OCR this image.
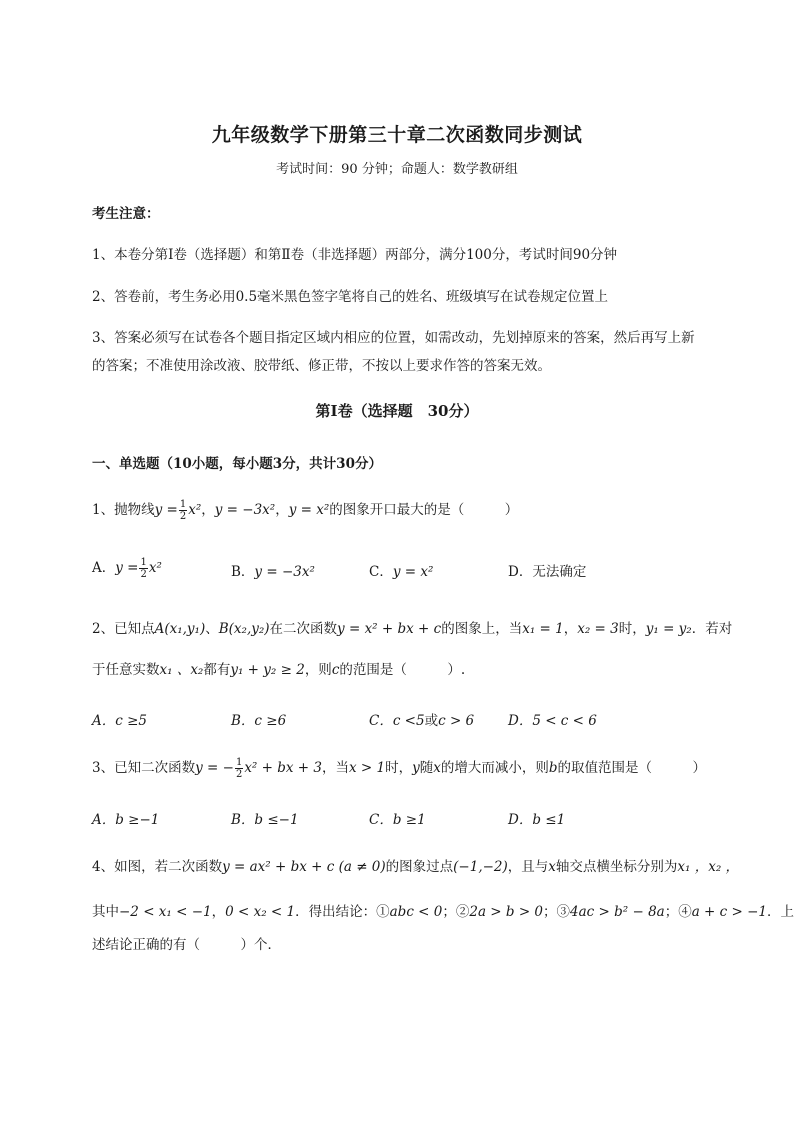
九年级数学下册第三十章二次函数同步测试
考试时间：90 分钟；命题人：数学教研组
考生注意：
1、本卷分第Ⅰ卷（选择题）和第Ⅱ卷（非选择题）两部分，满分100分，考试时间90分钟
2、答卷前，考生务必用0.5毫米黑色签字笔将自己的姓名、班级填写在试卷规定位置上
3、答案必须写在试卷各个题目指定区域内相应的位置，如需改动，先划掉原来的答案，然后再写上新
的答案；不准使用涂改液、胶带纸、修正带，不按以上要求作答的答案无效。
第Ⅰ卷（选择题　30分）
一、单选题（10小题，每小题3分，共计30分）
1、抛物线$y = \frac{1}{2} x^2$，y = −3x²，y = x²的图象开口最大的是（　　　）
A．$y = \frac{1}{2} x^2$	B．y = −3x²	C．y = x²	D．无法确定
2、已知点A(x₁,y₁)、B(x₂,y₂)在二次函数y = x² + bx + c的图象上，当x₁ = 1，x₂ = 3时，y₁ = y₂．若对
于任意实数x₁ 、x₂都有y₁ + y₂ ≥ 2，则c的范围是（　　　）.
A．c ≥5	B．c ≥6	C．c <5或c > 6	D．5 < c < 6
3、已知二次函数y = − $\frac{1}{2} x^2$ + bx + 3，当x > 1时，y随x的增大而减小，则b的取值范围是（　　　）
A．b ≥−1	B．b ≤−1	C．b ≥1	D．b ≤1
4、如图，若二次函数y = ax² + bx + c (a ≠ 0)的图象过点(−1,−2)，且与x轴交点横坐标分别为x₁ ，x₂ ，
其中−2 < x₁ < −1，0 < x₂ < 1．得出结论：①abc < 0；②2a > b > 0；③4ac > b² − 8a；④a + c > −1．上
述结论正确的有（　　　）个．
